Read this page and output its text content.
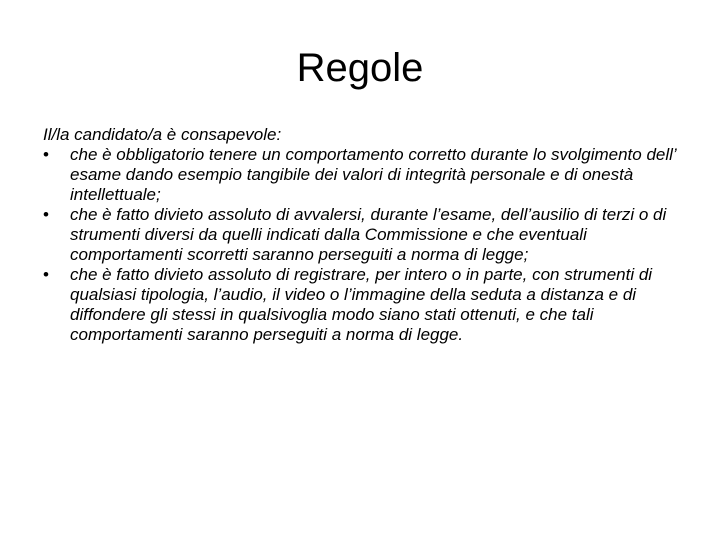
Regole

Il/la candidato/a è consapevole:

•	che è obbligatorio tenere un comportamento corretto durante lo svolgimento dell’ esame dando esempio tangibile dei valori di integrità personale e di onestà intellettuale;
•	che è fatto divieto assoluto di avvalersi, durante l’esame, dell’ausilio di terzi o di strumenti diversi da quelli indicati dalla Commissione e che eventuali comportamenti scorretti saranno perseguiti a norma di legge;
•	che è fatto divieto assoluto di registrare, per intero o in parte, con strumenti di qualsiasi tipologia, l’audio, il video o l’immagine della seduta a distanza e di diffondere gli stessi in qualsivoglia modo siano stati ottenuti, e che tali comportamenti saranno perseguiti a norma di legge.
